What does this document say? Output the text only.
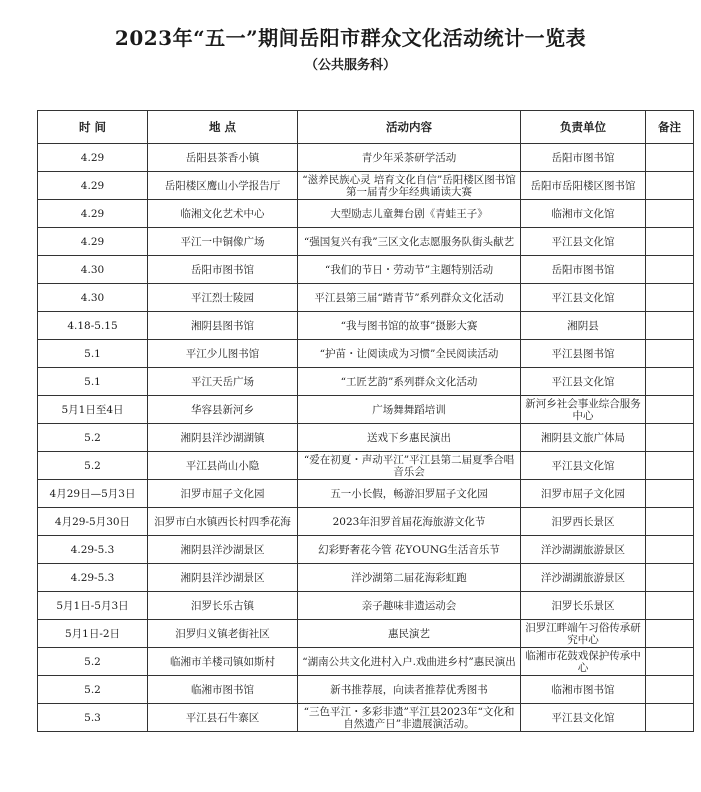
2023年“五一”期间岳阳市群众文化活动统计一览表
（公共服务科）
时 间	地 点	活动内容	负责单位	备注
4.29	岳阳县茶香小镇	青少年采茶研学活动	岳阳市图书馆	
4.29	岳阳楼区鹰山小学报告厅	“滋养民族心灵 培育文化自信”岳阳楼区图书馆第一届青少年经典诵读大赛	岳阳市岳阳楼区图书馆	
4.29	临湘文化艺术中心	大型励志儿童舞台剧《青蛙王子》	临湘市文化馆	
4.29	平江一中铜像广场	“强国复兴有我”三区文化志愿服务队街头献艺	平江县文化馆	
4.30	岳阳市图书馆	“我们的节日・劳动节”主题特别活动	岳阳市图书馆	
4.30	平江烈士陵园	平江县第三届“踏青节”系列群众文化活动	平江县文化馆	
4.18-5.15	湘阴县图书馆	“我与图书馆的故事”摄影大赛	湘阴县	
5.1	平江少儿图书馆	“护苗・让阅读成为习惯”全民阅读活动	平江县图书馆	
5.1	平江天岳广场	“工匠艺韵”系列群众文化活动	平江县文化馆	
5月1日至4日	华容县新河乡	广场舞舞蹈培训	新河乡社会事业综合服务中心	
5.2	湘阴县洋沙湖湖镇	送戏下乡惠民演出	湘阴县文旅广体局	
5.2	平江县尚山小隐	“爱在初夏・声动平江”平江县第二届夏季合唱音乐会	平江县文化馆	
4月29日—5月3日	汨罗市屈子文化园	五一小长假，畅游汨罗屈子文化园	汨罗市屈子文化园	
4月29-5月30日	汨罗市白水镇西长村四季花海	2023年汨罗首届花海旅游文化节	汨罗西长景区	
4.29-5.3	湘阴县洋沙湖景区	幻彩野奢花今管 花YOUNG生活音乐节	洋沙湖湖旅游景区	
4.29-5.3	湘阴县洋沙湖景区	洋沙湖第二届花海彩虹跑	洋沙湖湖旅游景区	
5月1日-5月3日	汨罗长乐古镇	亲子趣味非遗运动会	汨罗长乐景区	
5月1日-2日	汨罗归义镇老街社区	惠民演艺	汨罗江畔端午习俗传承研究中心	
5.2	临湘市羊楼司镇如斯村	“湖南公共文化进村入户.戏曲进乡村”惠民演出	临湘市花鼓戏保护传承中心	
5.2	临湘市图书馆	新书推荐展，向读者推荐优秀图书	临湘市图书馆	
5.3	平江县石牛寨区	“三色平江・多彩非遗”平江县2023年“文化和自然遗产日”非遗展演活动。	平江县文化馆	
